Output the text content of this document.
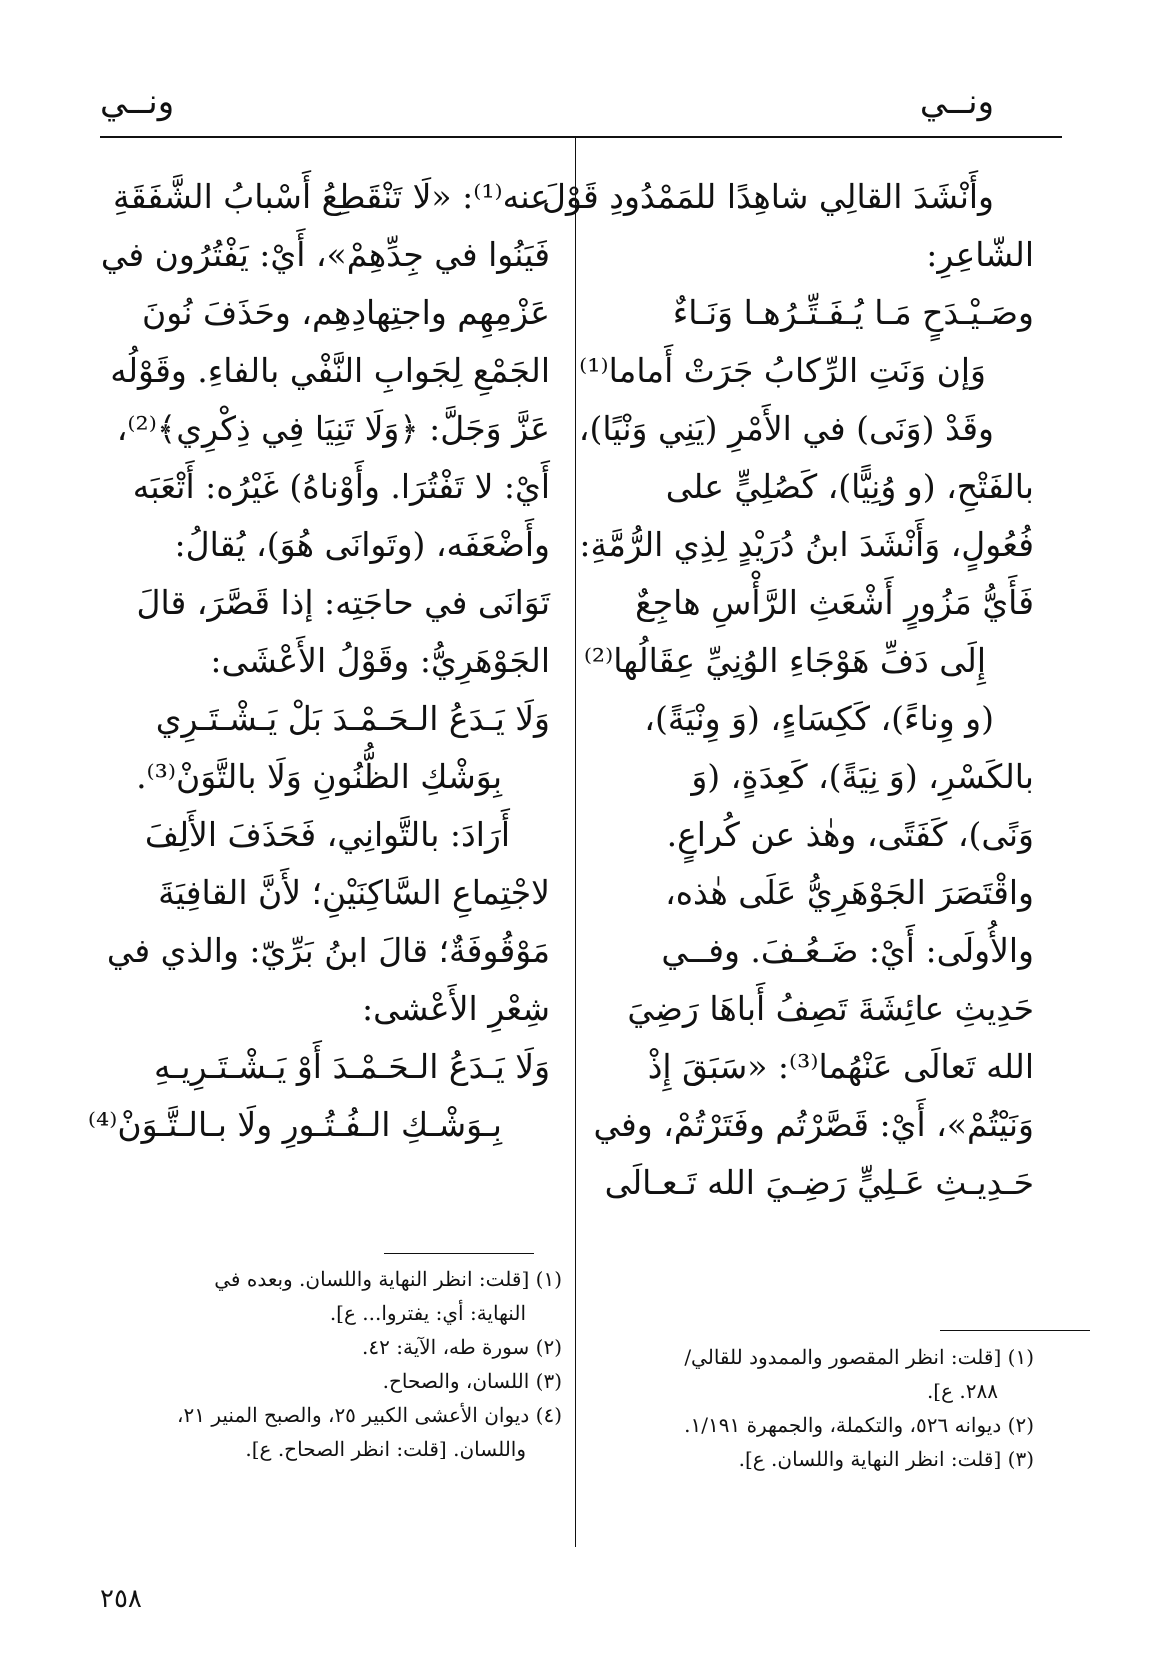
ونــي
ونــي
وأَنْشَدَ القالِي شاهِدًا للمَمْدُودِ قَوْلَ
الشّاعِرِ:
وصَـيْـدَحٍ مَـا يُـفَـتِّـرُهـا وَنَـاءٌ
وَإن وَنَتِ الرِّكابُ جَرَتْ أَماما⁽¹⁾
وقَدْ (وَنَى) في الأَمْرِ (يَنِي وَنْيًا)،
بالفَتْحِ، (و وُنِيًّا)، كَصُلِيٍّ على
فُعُولٍ، وَأَنْشَدَ ابنُ دُرَيْدٍ لِذِي الرُّمَّةِ:
فَأَيُّ مَزُورٍ أَشْعَثِ الرَّأْسِ هاجِعٌ
إِلَى دَفِّ هَوْجَاءِ الوُنِيِّ عِقَالُها⁽²⁾
(و وِناءً)، كَكِسَاءٍ، (وَ وِنْيَةً)،
بالكَسْرِ، (وَ نِيَةً)، كَعِدَةٍ، (وَ
وَنًى)، كَفَتًى، وهٰذ عن كُراعٍ.
واقْتَصَرَ الجَوْهَرِيُّ عَلَى هٰذه،
والأُولَى: أَيْ: ضَـعُـفَ. وفــي
حَدِيثِ عائِشَةَ تَصِفُ أَباهَا رَضِيَ
الله تَعالَى عَنْهُما⁽³⁾: «سَبَقَ إِذْ
وَنَيْتُمْ»، أَيْ: قَصَّرْتُم وفَتَرْتُمْ، وفي
حَـدِيـثِ عَـلِيٍّ رَضِـيَ الله تَـعـالَى
عنه⁽¹⁾: «لَا تَنْقَطِعُ أَسْبابُ الشَّفَقَةِ
فَيَنُوا في جِدِّهِمْ»، أَيْ: يَفْتُرُون في
عَزْمِهِم واجتِهادِهِم، وحَذَفَ نُونَ
الجَمْعِ لِجَوابِ النَّفْي بالفاءِ. وقَوْلُه
عَزَّ وَجَلَّ: ﴿وَلَا تَنِيَا فِي ذِكْرِي﴾⁽²⁾،
أَيْ: لا تَفْتُرَا. وأَوْناهُ) غَيْرُه: أَتْعَبَه
وأَضْعَفَه، (وتَوانَى هُوَ)، يُقالُ:
تَوَانَى في حاجَتِه: إذا قَصَّرَ، قالَ
الجَوْهَرِيُّ: وقَوْلُ الأَعْشَى:
وَلَا يَـدَعُ الـحَـمْـدَ بَلْ يَـشْـتَـرِي
بِوَشْكِ الظُّنُونِ وَلَا بالتَّوَنْ⁽³⁾.
أَرَادَ: بالتَّوانِي، فَحَذَفَ الأَلِفَ
لاجْتِماعِ السَّاكِنَيْنِ؛ لأَنَّ القافِيَةَ
مَوْقُوفَةٌ؛ قالَ ابنُ بَرِّيّ: والذي في
شِعْرِ الأَعْشى:
وَلَا يَـدَعُ الـحَـمْـدَ أَوْ يَـشْـتَـرِيـهِ
بِـوَشْـكِ الـفُـتُـورِ ولَا بـالـتَّـوَنْ⁽⁴⁾
(١) [قلت: انظر النهاية واللسان. وبعده في
النهاية: أي: يفتروا... ع].
(٢) سورة طه، الآية: ٤٢.
(٣) اللسان، والصحاح.
(٤) ديوان الأعشى الكبير ٢٥، والصبح المنير ٢١،
واللسان. [قلت: انظر الصحاح. ع].
(١) [قلت: انظر المقصور والممدود للقالي/
٢٨٨. ع].
(٢) ديوانه ٥٢٦، والتكملة، والجمهرة ١/١٩١.
(٣) [قلت: انظر النهاية واللسان. ع].
٢٥٨
